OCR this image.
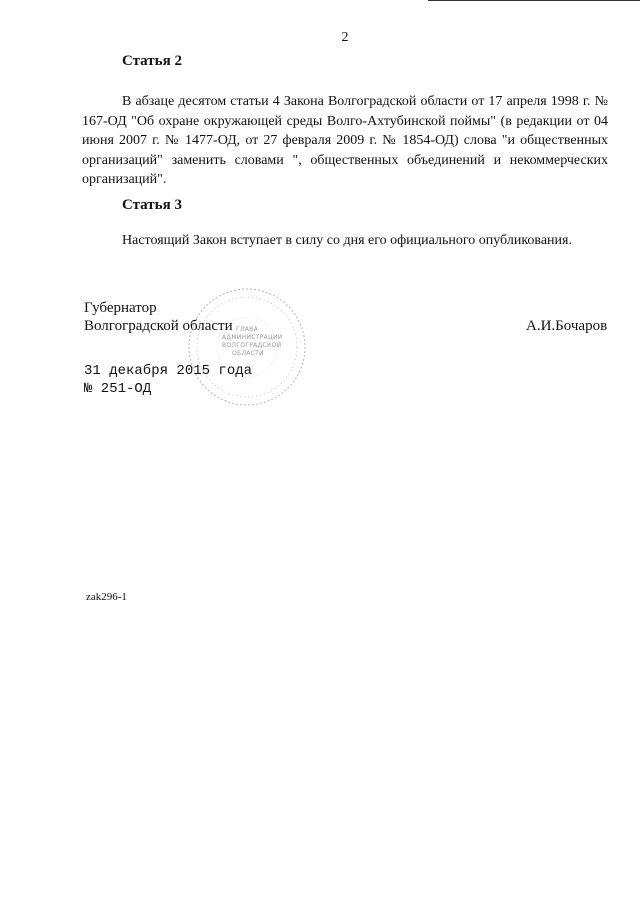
2
Статья 2

В абзаце десятом статьи 4 Закона Волгоградской области от 17 апреля 1998 г. № 167-ОД "Об охране окружающей среды Волго-Ахтубинской поймы" (в редакции от 04 июня 2007 г. № 1477-ОД, от 27 февраля 2009 г. № 1854-ОД) слова "и общественных организаций" заменить словами ", общественных объединений и некоммерческих организаций".

Статья 3

Настоящий Закон вступает в силу со дня его официального опубликования.

ГЛАВА
АДМИНИСТРАЦИИ
ВОЛГОГРАДСКОЙ
ОБЛАСТИ
Губернатор
Волгоградской области	А.И.Бочаров
31 декабря 2015 года
№ 251-ОД
zak296-1
